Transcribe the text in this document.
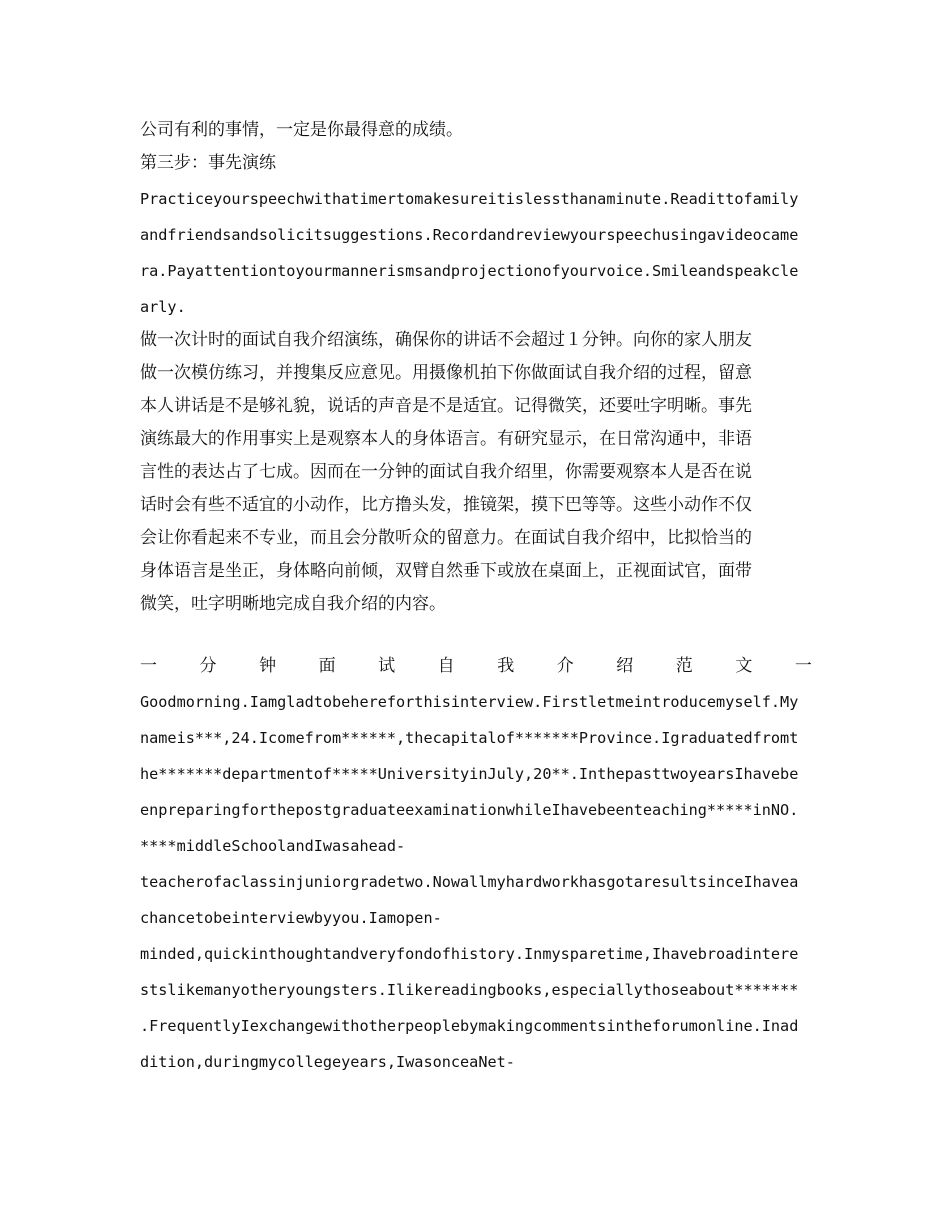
公司有利的事情，一定是你最得意的成绩。
第三步：事先演练
Practiceyourspeechwithatimertomakesureitislessthanaminute.Readittofamily
andfriendsandsolicitsuggestions.Recordandreviewyourspeechusingavideocame
ra.Payattentiontoyourmannerismsandprojectionofyourvoice.Smileandspeakcle
arly.
做一次计时的面试自我介绍演练，确保你的讲话不会超过１分钟。向你的家人朋友
做一次模仿练习，并搜集反应意见。用摄像机拍下你做面试自我介绍的过程，留意
本人讲话是不是够礼貌，说话的声音是不是适宜。记得微笑，还要吐字明晰。事先
演练最大的作用事实上是观察本人的身体语言。有研究显示，在日常沟通中，非语
言性的表达占了七成。因而在一分钟的面试自我介绍里，你需要观察本人是否在说
话时会有些不适宜的小动作，比方撸头发，推镜架，摸下巴等等。这些小动作不仅
会让你看起来不专业，而且会分散听众的留意力。在面试自我介绍中，比拟恰当的
身体语言是坐正，身体略向前倾，双臂自然垂下或放在桌面上，正视面试官，面带
微笑，吐字明晰地完成自我介绍的内容。
一	分	钟	面	试	自	我	介	绍	范	文	一
Goodmorning.Iamgladtobehereforthisinterview.Firstletmeintroducemyself.My
nameis***,24.Icomefrom******,thecapitalof*******Province.Igraduatedfromt
he*******departmentof*****UniversityinJuly,20**.InthepasttwoyearsIhavebe
enpreparingforthepostgraduateexaminationwhileIhavebeenteaching*****inNO.
****middleSchoolandIwasahead-
teacherofaclassinjuniorgradetwo.NowallmyhardworkhasgotaresultsinceIhavea
chancetobeinterviewbyyou.Iamopen-
minded,quickinthoughtandveryfondofhistory.Inmysparetime,Ihavebroadintere
stslikemanyotheryoungsters.Ilikereadingbooks,especiallythoseabout*******
.FrequentlyIexchangewithotherpeoplebymakingcommentsintheforumonline.Inad
dition,duringmycollegeyears,IwasonceaNet-
